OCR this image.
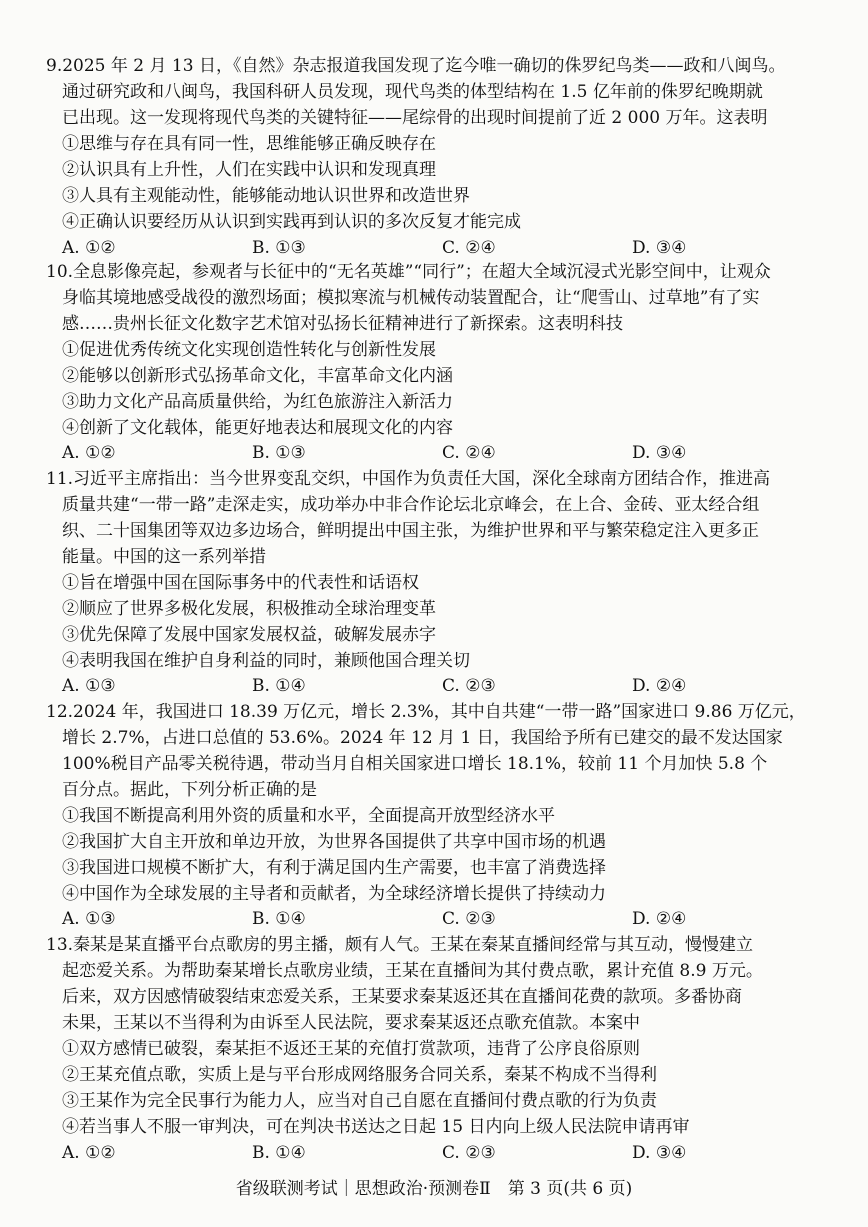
9.2025 年 2 月 13 日，《自然》杂志报道我国发现了迄今唯一确切的侏罗纪鸟类——政和八闽鸟。
通过研究政和八闽鸟，我国科研人员发现，现代鸟类的体型结构在 1.5 亿年前的侏罗纪晚期就
已出现。这一发现将现代鸟类的关键特征——尾综骨的出现时间提前了近 2 000 万年。这表明
①思维与存在具有同一性，思维能够正确反映存在
②认识具有上升性，人们在实践中认识和发现真理
③人具有主观能动性，能够能动地认识世界和改造世界
④正确认识要经历从认识到实践再到认识的多次反复才能完成
A. ①②	B. ①③	C. ②④	D. ③④
10.全息影像亮起，参观者与长征中的“无名英雄”“同行”；在超大全域沉浸式光影空间中，让观众
身临其境地感受战役的激烈场面；模拟寒流与机械传动装置配合，让“爬雪山、过草地”有了实
感……贵州长征文化数字艺术馆对弘扬长征精神进行了新探索。这表明科技
①促进优秀传统文化实现创造性转化与创新性发展
②能够以创新形式弘扬革命文化，丰富革命文化内涵
③助力文化产品高质量供给，为红色旅游注入新活力
④创新了文化载体，能更好地表达和展现文化的内容
A. ①②	B. ①③	C. ②④	D. ③④
11.习近平主席指出：当今世界变乱交织，中国作为负责任大国，深化全球南方团结合作，推进高
质量共建“一带一路”走深走实，成功举办中非合作论坛北京峰会，在上合、金砖、亚太经合组
织、二十国集团等双边多边场合，鲜明提出中国主张，为维护世界和平与繁荣稳定注入更多正
能量。中国的这一系列举措
①旨在增强中国在国际事务中的代表性和话语权
②顺应了世界多极化发展，积极推动全球治理变革
③优先保障了发展中国家发展权益，破解发展赤字
④表明我国在维护自身利益的同时，兼顾他国合理关切
A. ①③	B. ①④	C. ②③	D. ②④
12.2024 年，我国进口 18.39 万亿元，增长 2.3%，其中自共建“一带一路”国家进口 9.86 万亿元，
增长 2.7%，占进口总值的 53.6%。2024 年 12 月 1 日，我国给予所有已建交的最不发达国家
100%税目产品零关税待遇，带动当月自相关国家进口增长 18.1%，较前 11 个月加快 5.8 个
百分点。据此，下列分析正确的是
①我国不断提高利用外资的质量和水平，全面提高开放型经济水平
②我国扩大自主开放和单边开放，为世界各国提供了共享中国市场的机遇
③我国进口规模不断扩大，有利于满足国内生产需要，也丰富了消费选择
④中国作为全球发展的主导者和贡献者，为全球经济增长提供了持续动力
A. ①③	B. ①④	C. ②③	D. ②④
13.秦某是某直播平台点歌房的男主播，颇有人气。王某在秦某直播间经常与其互动，慢慢建立
起恋爱关系。为帮助秦某增长点歌房业绩，王某在直播间为其付费点歌，累计充值 8.9 万元。
后来，双方因感情破裂结束恋爱关系，王某要求秦某返还其在直播间花费的款项。多番协商
未果，王某以不当得利为由诉至人民法院，要求秦某返还点歌充值款。本案中
①双方感情已破裂，秦某拒不返还王某的充值打赏款项，违背了公序良俗原则
②王某充值点歌，实质上是与平台形成网络服务合同关系，秦某不构成不当得利
③王某作为完全民事行为能力人，应当对自己自愿在直播间付费点歌的行为负责
④若当事人不服一审判决，可在判决书送达之日起 15 日内向上级人民法院申请再审
A. ①②	B. ①④	C. ②③	D. ③④
省级联测考试｜思想政治·预测卷Ⅱ　第 3 页(共 6 页)
